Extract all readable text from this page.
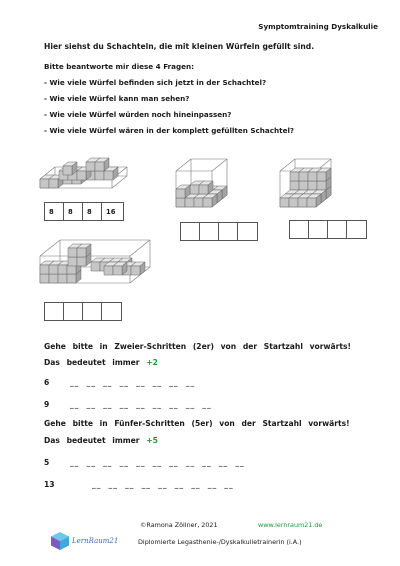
Symptomtraining Dyskalkulie
Hier siehst du Schachteln, die mit kleinen Würfeln gefüllt sind.
Bitte beantworte mir diese 4 Fragen:
- Wie viele Würfel befinden sich jetzt in der Schachtel?
- Wie viele Würfel kann man sehen?
- Wie viele Würfel würden noch hineinpassen?
- Wie viele Würfel wären in der komplett gefüllten Schachtel?
8	8	8	16
Gehe bitte in Zweier-Schritten (2er) von der Startzahl vorwärts!
Das bedeutet immer +2
6	__  __  __  __  __  __  __  __
9	__  __  __  __  __  __  __  __  __
Gehe bitte in Fünfer-Schritten (5er) von der Startzahl vorwärts!
Das bedeutet immer +5
5	__  __  __  __  __  __  __  __  __  __  __
13	__  __  __  __  __  __  __  __  __
©Ramona Zöllner, 2021	www.lernraum21.de
Diplomierte Legasthenie-/Dyskalkulietrainerin (i.A.)
LernRaum21
